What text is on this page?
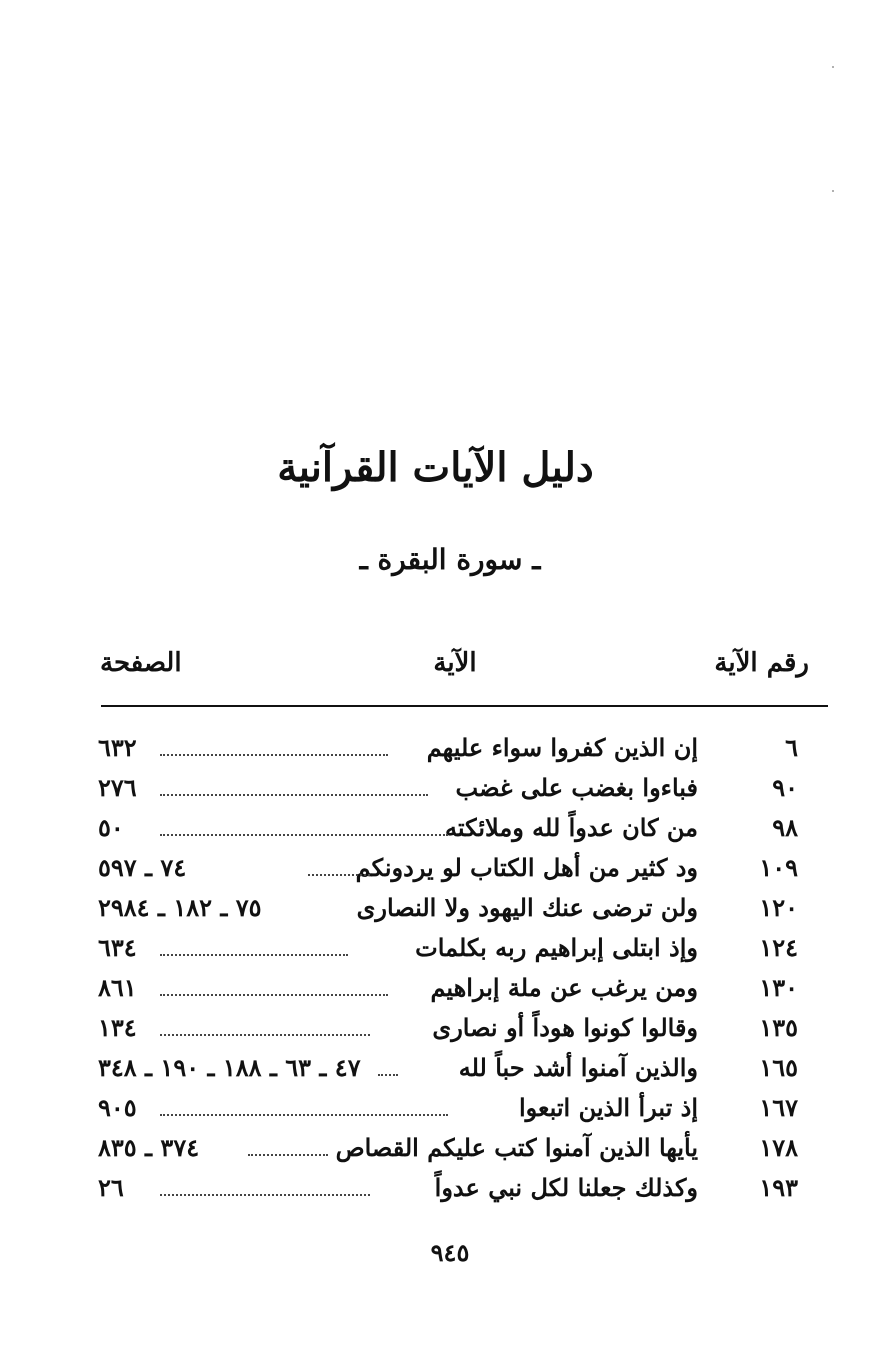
دليل الآيات القرآنية
ـ سورة البقرة ـ
رقم الآية
الآية
الصفحة
٦
إن الذين كفروا سواء عليهم
٦٣٢
٩٠
فباءوا بغضب على غضب
٢٧٦
٩٨
من كان عدواً لله وملائكته
٥٠
١٠٩
ود كثير من أهل الكتاب لو يردونكم
٧٤ ـ ٥٩٧
١٢٠
ولن ترضى عنك اليهود ولا النصارى
٧٥ ـ ١٨٢ ـ ٢٩٨٤
١٢٤
وإذ ابتلى إبراهيم ربه بكلمات
٦٣٤
١٣٠
ومن يرغب عن ملة إبراهيم
٨٦١
١٣٥
وقالوا كونوا هوداً أو نصارى
١٣٤
١٦٥
والذين آمنوا أشد حباً لله
٤٧ ـ ٦٣ ـ ١٨٨ ـ ١٩٠ ـ ٣٤٨
١٦٧
إذ تبرأ الذين اتبعوا
٩٠٥
١٧٨
يأيها الذين آمنوا كتب عليكم القصاص
٣٧٤ ـ ٨٣٥
١٩٣
وكذلك جعلنا لكل نبي عدواً
٢٦
٩٤٥
